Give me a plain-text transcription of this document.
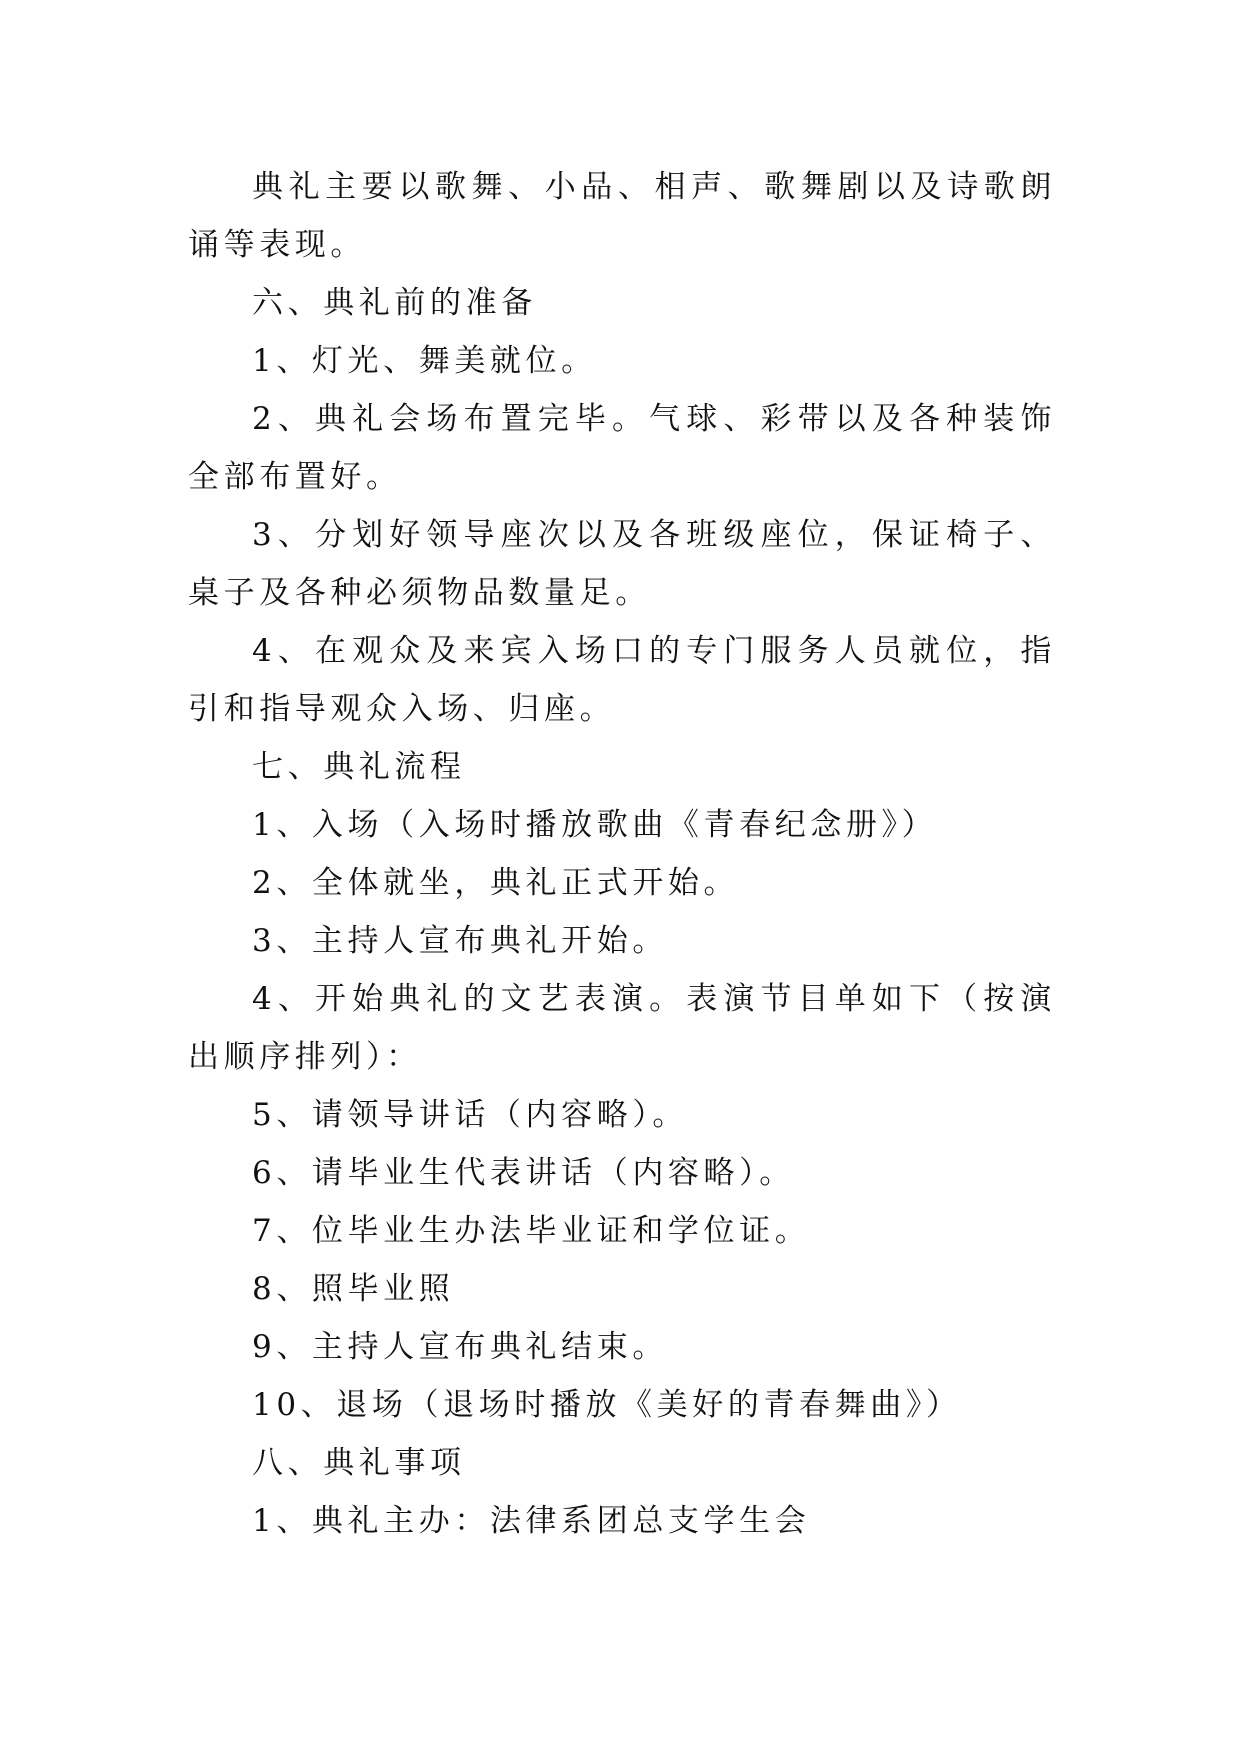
典礼主要以歌舞、小品、相声、歌舞剧以及诗歌朗诵等表现。

六、典礼前的准备

1、灯光、舞美就位。

2、典礼会场布置完毕。气球、彩带以及各种装饰全部布置好。

3、分划好领导座次以及各班级座位，保证椅子、桌子及各种必须物品数量足。

4、在观众及来宾入场口的专门服务人员就位，指引和指导观众入场、归座。

七、典礼流程

1、入场（入场时播放歌曲《青春纪念册》）

2、全体就坐，典礼正式开始。

3、主持人宣布典礼开始。

4、开始典礼的文艺表演。表演节目单如下（按演出顺序排列）：

5、请领导讲话（内容略）。

6、请毕业生代表讲话（内容略）。

7、位毕业生办法毕业证和学位证。

8、照毕业照

9、主持人宣布典礼结束。

10、退场（退场时播放《美好的青春舞曲》）

八、典礼事项

1、典礼主办：法律系团总支学生会
